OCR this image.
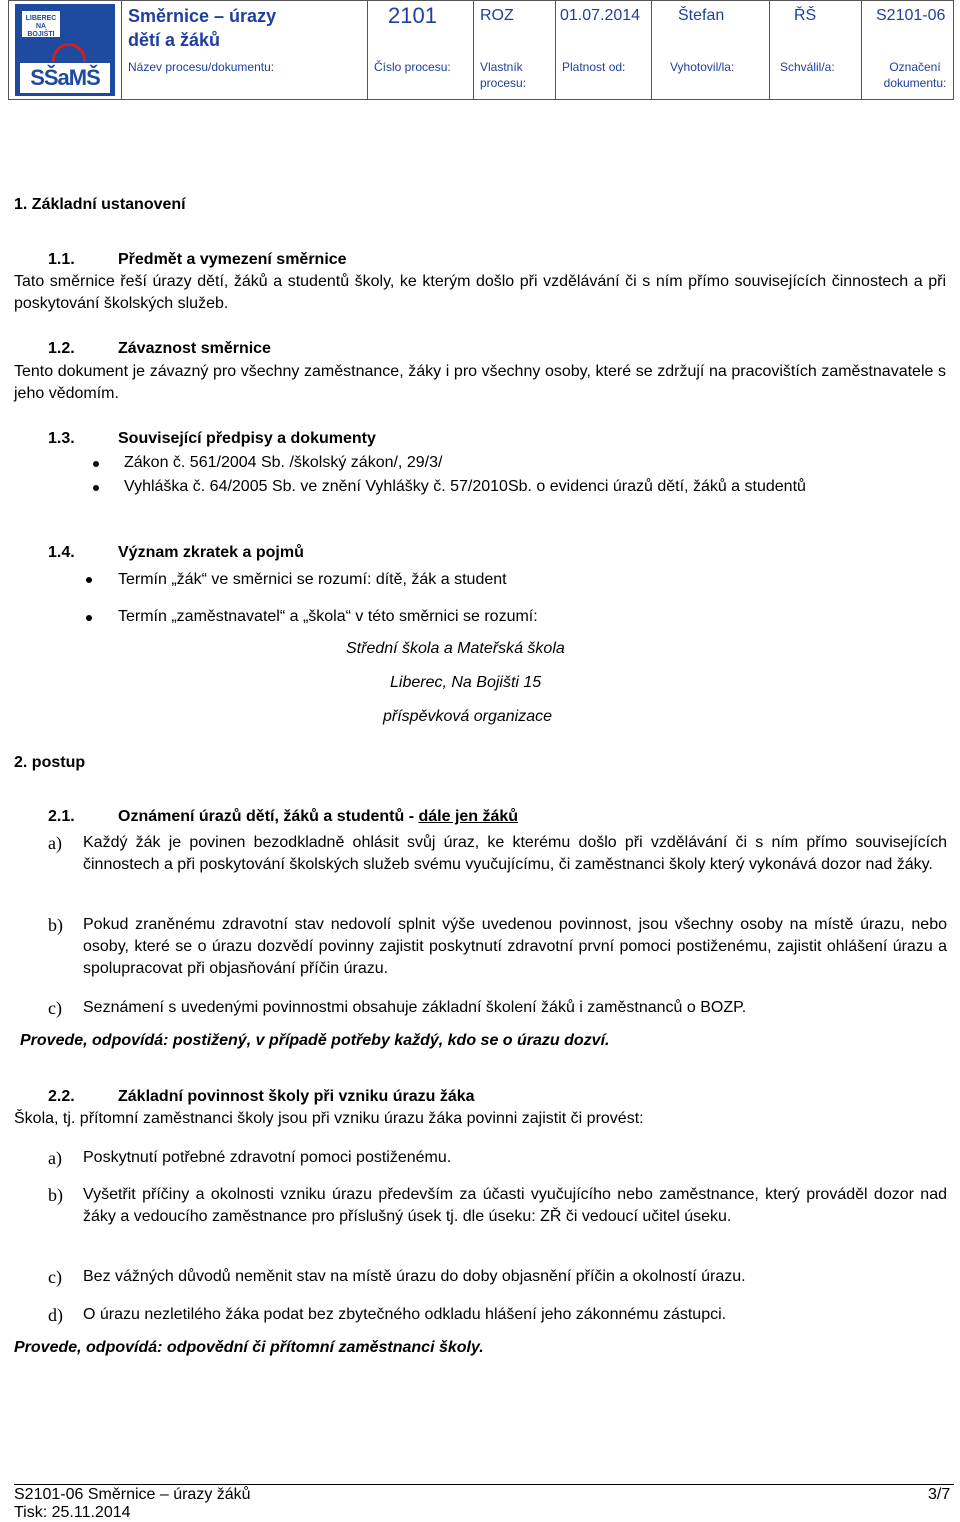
LIBEREC NA BOJIŠTI
SŠaMŠ
Směrnice – úrazy
dětí a žáků
Název procesu/dokumentu:
2101
Číslo procesu:
ROZ
Vlastník procesu:
01.07.2014
Platnost od:
Štefan
Vyhotovil/la:
ŘŠ
Schválil/a:
S2101-06
Označení dokumentu:
1. Základní ustanovení
1.1.	Předmět a vymezení směrnice
Tato směrnice řeší úrazy dětí, žáků a studentů školy, ke kterým došlo při vzdělávání či s ním přímo souvisejících činnostech a při poskytování školských služeb.
1.2.	Závaznost směrnice
Tento dokument je závazný pro všechny zaměstnance, žáky i pro všechny osoby, které se zdržují na pracovištích zaměstnavatele s jeho vědomím.
1.3.	Související předpisy a dokumenty
Zákon č. 561/2004 Sb. /školský zákon/, 29/3/
Vyhláška č. 64/2005 Sb. ve znění Vyhlášky č. 57/2010Sb. o evidenci úrazů dětí, žáků a studentů
1.4.	Význam zkratek a pojmů
Termín „žák“ ve směrnici se rozumí: dítě, žák a student
Termín „zaměstnavatel“ a „škola“ v této směrnici se rozumí:
Střední škola a Mateřská škola
Liberec, Na Bojišti 15
příspěvková organizace
2. postup
2.1.	Oznámení úrazů dětí, žáků a studentů - dále jen žáků
a) Každý žák je povinen bezodkladně ohlásit svůj úraz, ke kterému došlo při vzdělávání či s ním přímo souvisejících činnostech a při poskytování školských služeb svému vyučujícímu, či zaměstnanci školy který vykonává dozor nad žáky.
b) Pokud zraněnému zdravotní stav nedovolí splnit výše uvedenou povinnost, jsou všechny osoby na místě úrazu, nebo osoby, které se o úrazu dozvědí povinny zajistit poskytnutí zdravotní první pomoci postiženému, zajistit ohlášení úrazu a spolupracovat při objasňování příčin úrazu.
c) Seznámení s uvedenými povinnostmi obsahuje základní školení žáků i zaměstnanců o BOZP.
Provede, odpovídá: postižený, v případě potřeby každý, kdo se o úrazu dozví.
2.2.	Základní povinnost školy při vzniku úrazu žáka
Škola, tj. přítomní zaměstnanci školy jsou při vzniku úrazu žáka povinni zajistit či provést:
a) Poskytnutí potřebné zdravotní pomoci postiženému.
b) Vyšetřit příčiny a okolnosti vzniku úrazu především za účasti vyučujícího nebo zaměstnance, který prováděl dozor nad žáky a vedoucího zaměstnance pro příslušný úsek tj. dle úseku: ZŘ či vedoucí učitel úseku.
c) Bez vážných důvodů neměnit stav na místě úrazu do doby objasnění příčin a okolností úrazu.
d) O úrazu nezletilého žáka podat bez zbytečného odkladu hlášení jeho zákonnému zástupci.
Provede, odpovídá: odpovědní či přítomní zaměstnanci školy.
S2101-06 Směrnice – úrazy žáků	3/7
Tisk: 25.11.2014
